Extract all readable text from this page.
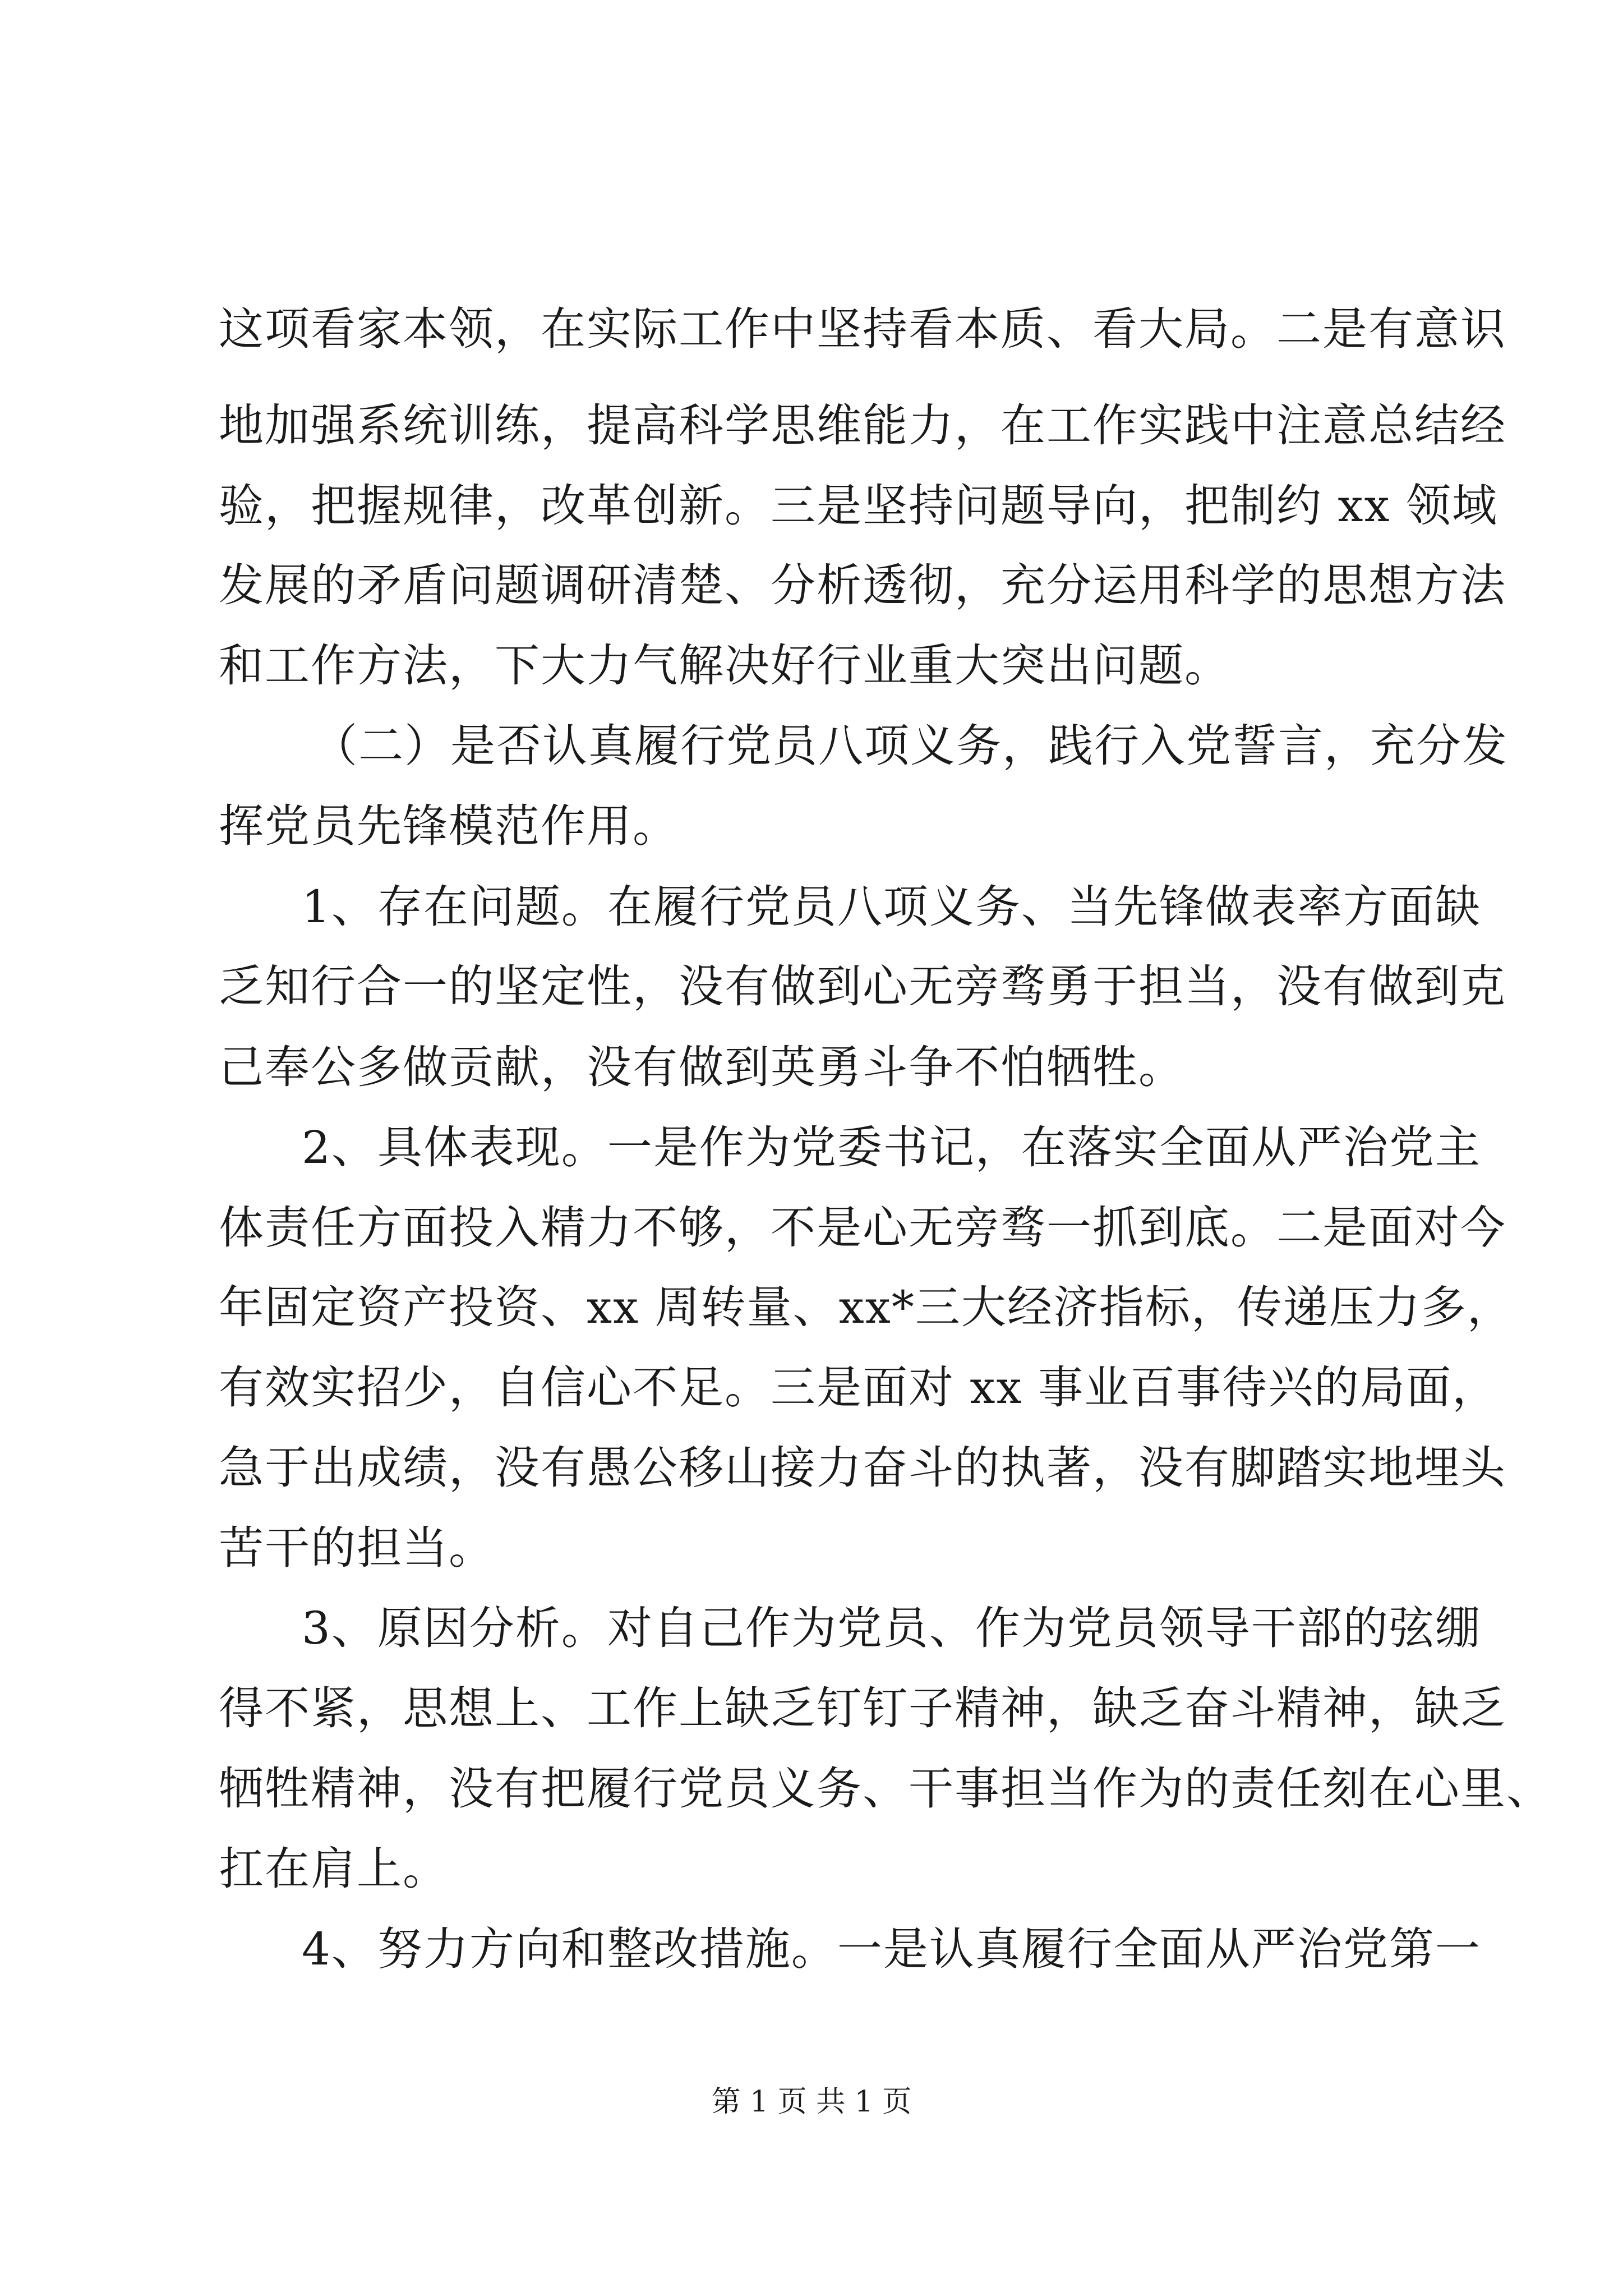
这项看家本领，在实际工作中坚持看本质、看大局。二是有意识
地加强系统训练，提高科学思维能力，在工作实践中注意总结经
验，把握规律，改革创新。三是坚持问题导向，把制约 xx 领域
发展的矛盾问题调研清楚、分析透彻，充分运用科学的思想方法
和工作方法，下大力气解决好行业重大突出问题。
（二）是否认真履行党员八项义务，践行入党誓言，充分发
挥党员先锋模范作用。
1、存在问题。在履行党员八项义务、当先锋做表率方面缺
乏知行合一的坚定性，没有做到心无旁骛勇于担当，没有做到克
己奉公多做贡献，没有做到英勇斗争不怕牺牲。
2、具体表现。一是作为党委书记，在落实全面从严治党主
体责任方面投入精力不够，不是心无旁骛一抓到底。二是面对今
年固定资产投资、xx 周转量、xx*三大经济指标，传递压力多，
有效实招少，自信心不足。三是面对 xx 事业百事待兴的局面，
急于出成绩，没有愚公移山接力奋斗的执著，没有脚踏实地埋头
苦干的担当。
3、原因分析。对自己作为党员、作为党员领导干部的弦绷
得不紧，思想上、工作上缺乏钉钉子精神，缺乏奋斗精神，缺乏
牺牲精神，没有把履行党员义务、干事担当作为的责任刻在心里、
扛在肩上。
4、努力方向和整改措施。一是认真履行全面从严治党第一
第 1 页 共 1 页
